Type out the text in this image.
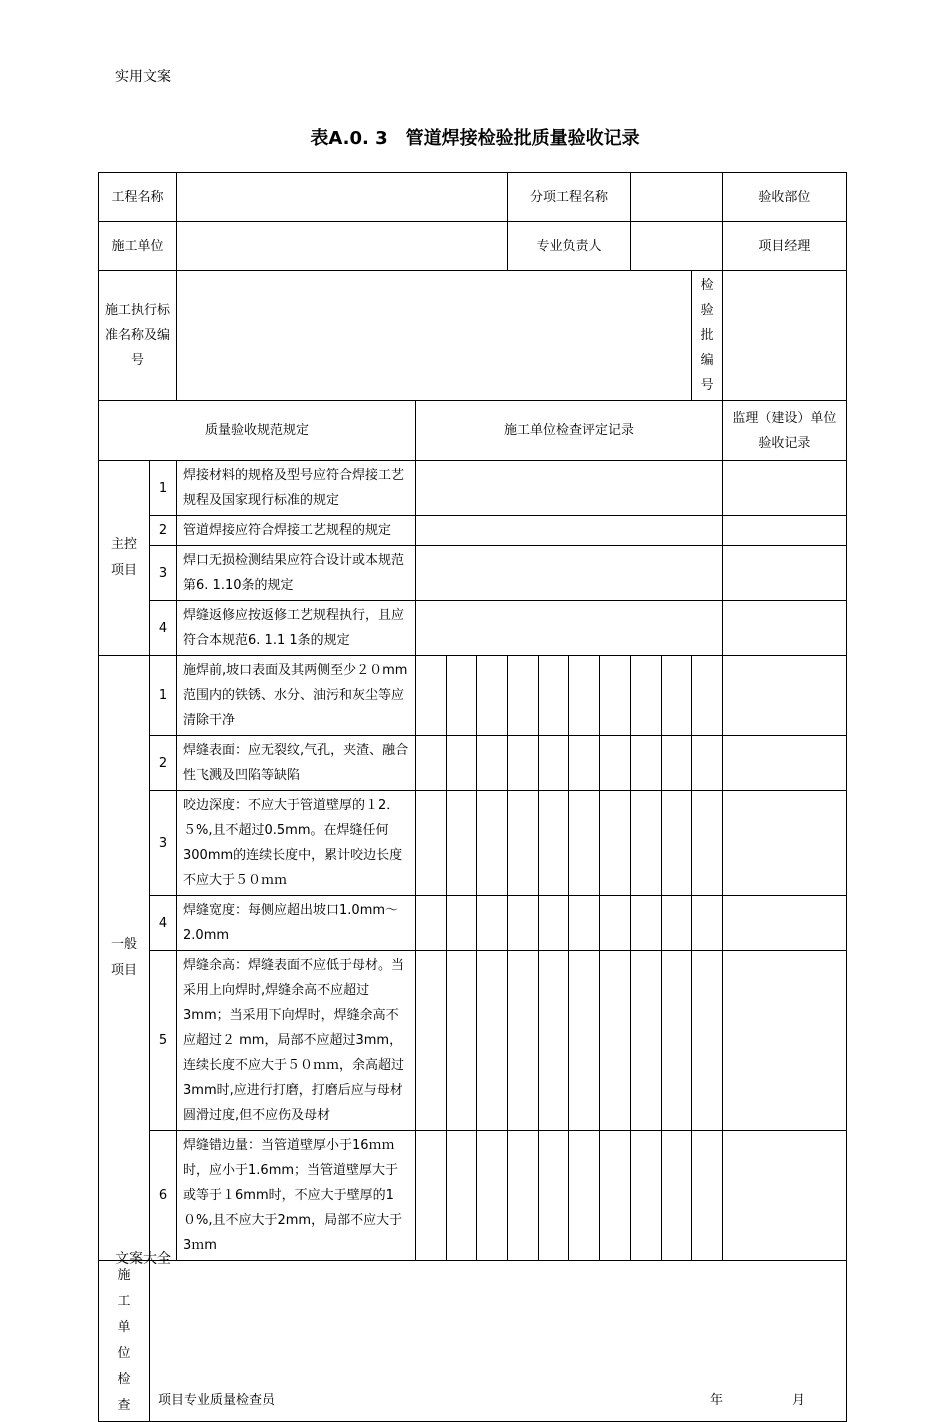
实用文案
表A.0. 3　管道焊接检验批质量验收记录
工程名称						分项工程名称							验收部位
施工单位						专业负责人							项目经理
施工执行标准名称及编号												检验批编号	
质量验收规范规定			施工单位检查评定记录										监理（建设）单位验收记录
主控项目	1	焊接材料的规格及型号应符合焊接工艺规程及国家现行标准的规定											
	2	管道焊接应符合焊接工艺规程的规定											
	3	焊口无损检测结果应符合设计或本规范第6. 1.10条的规定											
	4	焊缝返修应按返修工艺规程执行，且应符合本规范6. 1.1 1条的规定											
一般项目	1	施焊前,坡口表面及其两侧至少２０mm范围内的铁锈、水分、油污和灰尘等应清除干净											
	2	焊缝表面：应无裂纹,气孔，夹渣、融合性飞溅及凹陷等缺陷											
	3	咬边深度：不应大于管道壁厚的１2．５%,且不超过0.5mm。在焊缝任何300mm的连续长度中，累计咬边长度不应大于５０ｍｍ											
	4	焊缝宽度：每侧应超出坡口1.0mm～2.0mm											
	5	焊缝余高：焊缝表面不应低于母材。当采用上向焊时,焊缝余高不应超过3mm；当采用下向焊时，焊缝余高不应超过２ mm，局部不应超过3mm，连续长度不应大于５０ｍｍ，余高超过3mm时,应进行打磨，打磨后应与母材圆滑过度,但不应伤及母材											
	6	焊缝错边量：当管道壁厚小于16ｍｍ时，应小于1.6mm；当管道壁厚大于或等于１6mm时，不应大于壁厚的1０%,且不应大于2mm，局部不应大于3ｍm											
施工单位检查	项目专业质量检查员 年 月												
文案大全
